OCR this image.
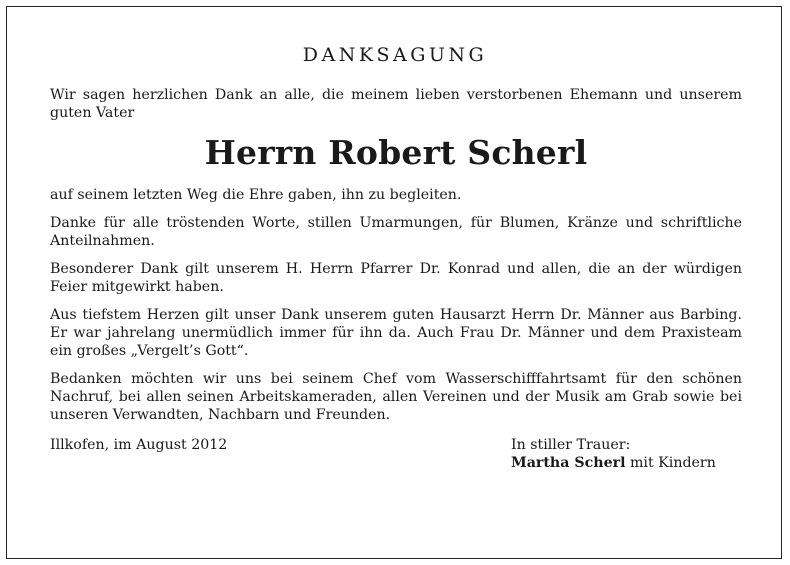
DANKSAGUNG

Wir sagen herzlichen Dank an alle, die meinem lieben verstorbenen Ehemann und unserem guten Vater

Herrn Robert Scherl

auf seinem letzten Weg die Ehre gaben, ihn zu begleiten.

Danke für alle tröstenden Worte, stillen Umarmungen, für Blumen, Kränze und schriftliche Anteilnahmen.

Besonderer Dank gilt unserem H. Herrn Pfarrer Dr. Konrad und allen, die an der würdigen Feier mitgewirkt haben.

Aus tiefstem Herzen gilt unser Dank unserem guten Hausarzt Herrn Dr. Männer aus Barbing. Er war jahrelang unermüdlich immer für ihn da. Auch Frau Dr. Männer und dem Praxisteam ein großes „Vergelt’s Gott“.

Bedanken möchten wir uns bei seinem Chef vom Wasserschifffahrtsamt für den schönen Nachruf, bei allen seinen Arbeitskameraden, allen Vereinen und der Musik am Grab sowie bei unseren Verwandten, Nachbarn und Freunden.

Illkofen, im August 2012	In stiller Trauer:
Martha Scherl mit Kindern
